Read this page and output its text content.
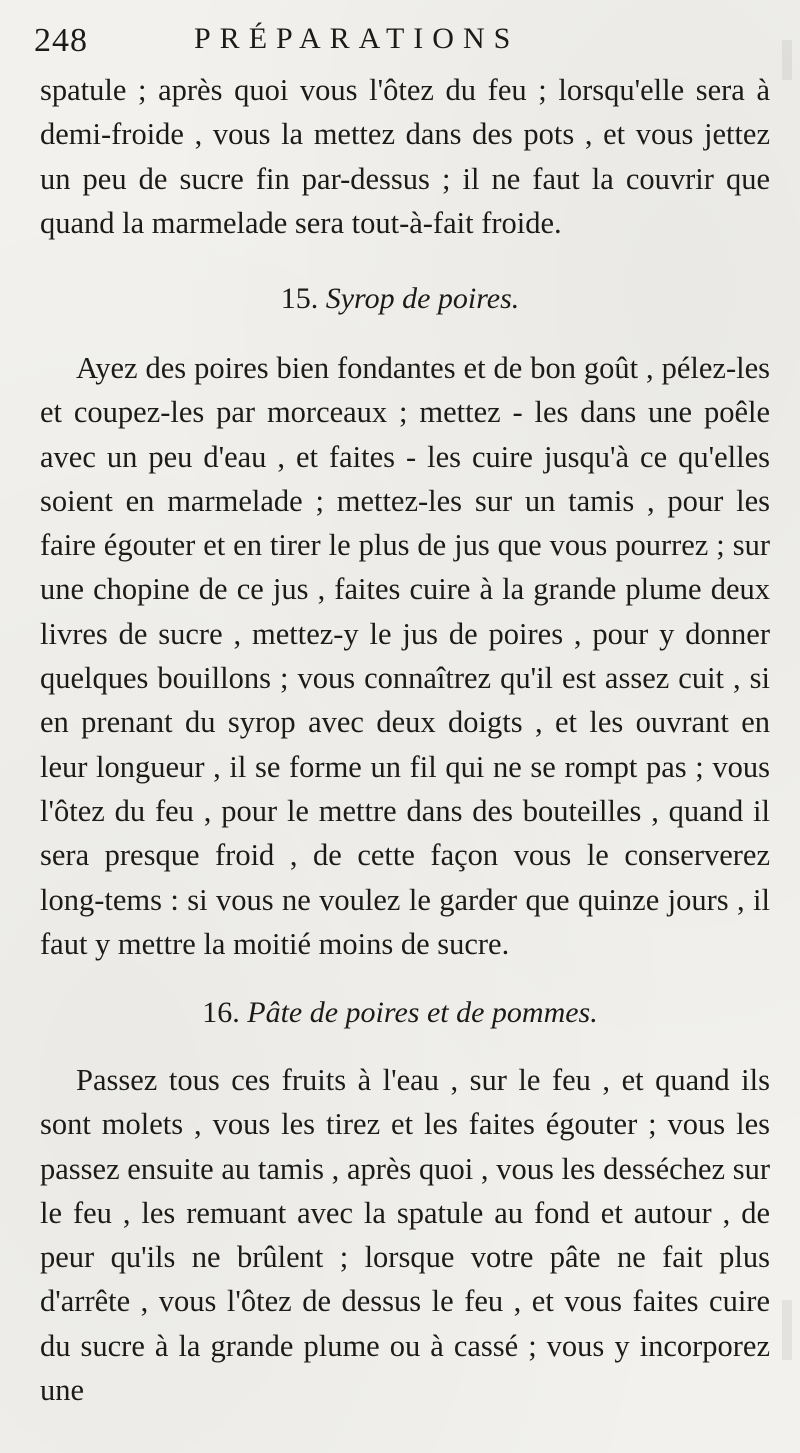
248	PRÉPARATIONS

spatule ; après quoi vous l'ôtez du feu ; lorsqu'elle sera à demi-froide , vous la mettez dans des pots , et vous jettez un peu de sucre fin par-dessus ; il ne faut la couvrir que quand la marmelade sera tout-à-fait froide.

15. Syrop de poires.

Ayez des poires bien fondantes et de bon goût , pélez-les et coupez-les par morceaux ; mettez - les dans une poêle avec un peu d'eau , et faites - les cuire jusqu'à ce qu'elles soient en marmelade ; mettez-les sur un tamis , pour les faire égouter et en tirer le plus de jus que vous pourrez ; sur une chopine de ce jus , faites cuire à la grande plume deux livres de sucre , mettez-y le jus de poires , pour y donner quelques bouillons ; vous connaîtrez qu'il est assez cuit , si en prenant du syrop avec deux doigts , et les ouvrant en leur longueur , il se forme un fil qui ne se rompt pas ; vous l'ôtez du feu , pour le mettre dans des bouteilles , quand il sera presque froid , de cette façon vous le conserverez long-tems : si vous ne voulez le garder que quinze jours , il faut y mettre la moitié moins de sucre.

16. Pâte de poires et de pommes.

Passez tous ces fruits à l'eau , sur le feu , et quand ils sont molets , vous les tirez et les faites égouter ; vous les passez ensuite au tamis , après quoi , vous les desséchez sur le feu , les remuant avec la spatule au fond et autour , de peur qu'ils ne brûlent ; lorsque votre pâte ne fait plus d'arrête , vous l'ôtez de dessus le feu , et vous faites cuire du sucre à la grande plume ou à cassé ; vous y incorporez une
